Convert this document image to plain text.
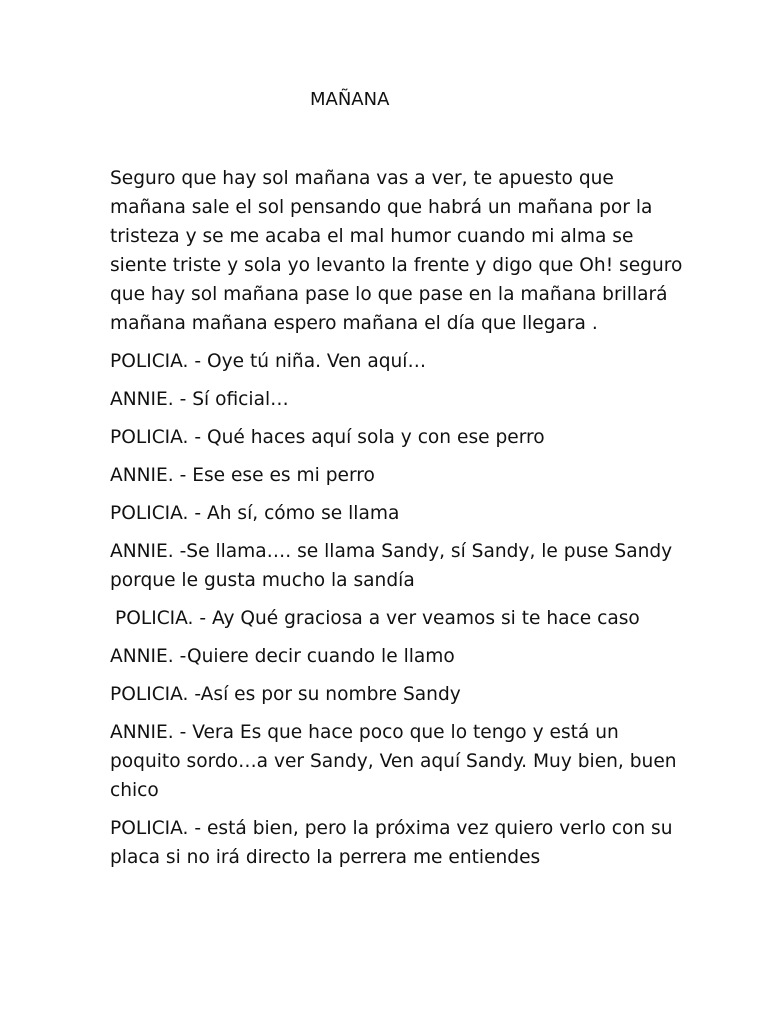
MAÑANA

Seguro que hay sol mañana vas a ver, te apuesto que mañana sale el sol pensando que habrá un mañana por la tristeza y se me acaba el mal humor cuando mi alma se siente triste y sola yo levanto la frente y digo que Oh! seguro que hay sol mañana pase lo que pase en la mañana brillará mañana mañana espero mañana el día que llegara .

POLICIA. - Oye tú niña. Ven aquí…

ANNIE. - Sí oficial…

POLICIA. - Qué haces aquí sola y con ese perro

ANNIE. - Ese ese es mi perro

POLICIA. - Ah sí, cómo se llama

ANNIE. -Se llama…. se llama Sandy, sí Sandy, le puse Sandy porque le gusta mucho la sandía

POLICIA. - Ay Qué graciosa a ver veamos si te hace caso

ANNIE. -Quiere decir cuando le llamo

POLICIA. -Así es por su nombre Sandy

ANNIE. - Vera Es que hace poco que lo tengo y está un poquito sordo…a ver Sandy, Ven aquí Sandy. Muy bien, buen chico

POLICIA. - está bien, pero la próxima vez quiero verlo con su placa si no irá directo la perrera me entiendes
